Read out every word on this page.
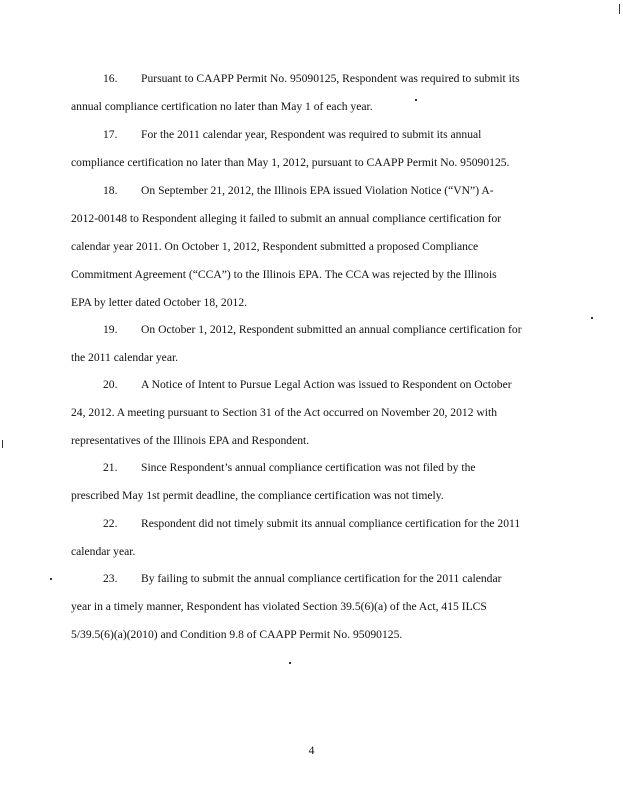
16. Pursuant to CAAPP Permit No. 95090125, Respondent was required to submit its
annual compliance certification no later than May 1 of each year.
17. For the 2011 calendar year, Respondent was required to submit its annual
compliance certification no later than May 1, 2012, pursuant to CAAPP Permit No. 95090125.
18. On September 21, 2012, the Illinois EPA issued Violation Notice (“VN”) A-
2012-00148 to Respondent alleging it failed to submit an annual compliance certification for
calendar year 2011. On October 1, 2012, Respondent submitted a proposed Compliance
Commitment Agreement (“CCA”) to the Illinois EPA. The CCA was rejected by the Illinois
EPA by letter dated October 18, 2012.
19. On October 1, 2012, Respondent submitted an annual compliance certification for
the 2011 calendar year.
20. A Notice of Intent to Pursue Legal Action was issued to Respondent on October
24, 2012. A meeting pursuant to Section 31 of the Act occurred on November 20, 2012 with
representatives of the Illinois EPA and Respondent.
21. Since Respondent’s annual compliance certification was not filed by the
prescribed May 1st permit deadline, the compliance certification was not timely.
22. Respondent did not timely submit its annual compliance certification for the 2011
calendar year.
23. By failing to submit the annual compliance certification for the 2011 calendar
year in a timely manner, Respondent has violated Section 39.5(6)(a) of the Act, 415 ILCS
5/39.5(6)(a)(2010) and Condition 9.8 of CAAPP Permit No. 95090125.
4
